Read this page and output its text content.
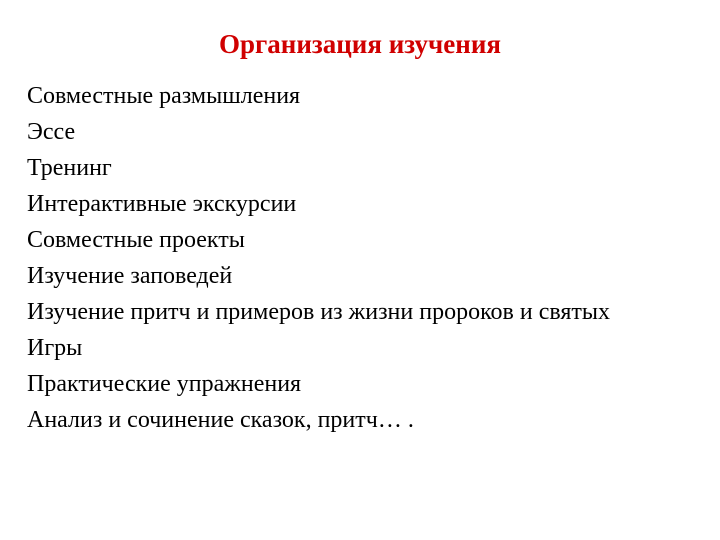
Организация изучения
Совместные размышления
Эссе
Тренинг
Интерактивные экскурсии
Совместные проекты
Изучение заповедей
Изучение притч и примеров из жизни пророков и святых
Игры
Практические упражнения
Анализ и сочинение сказок, притч… .
